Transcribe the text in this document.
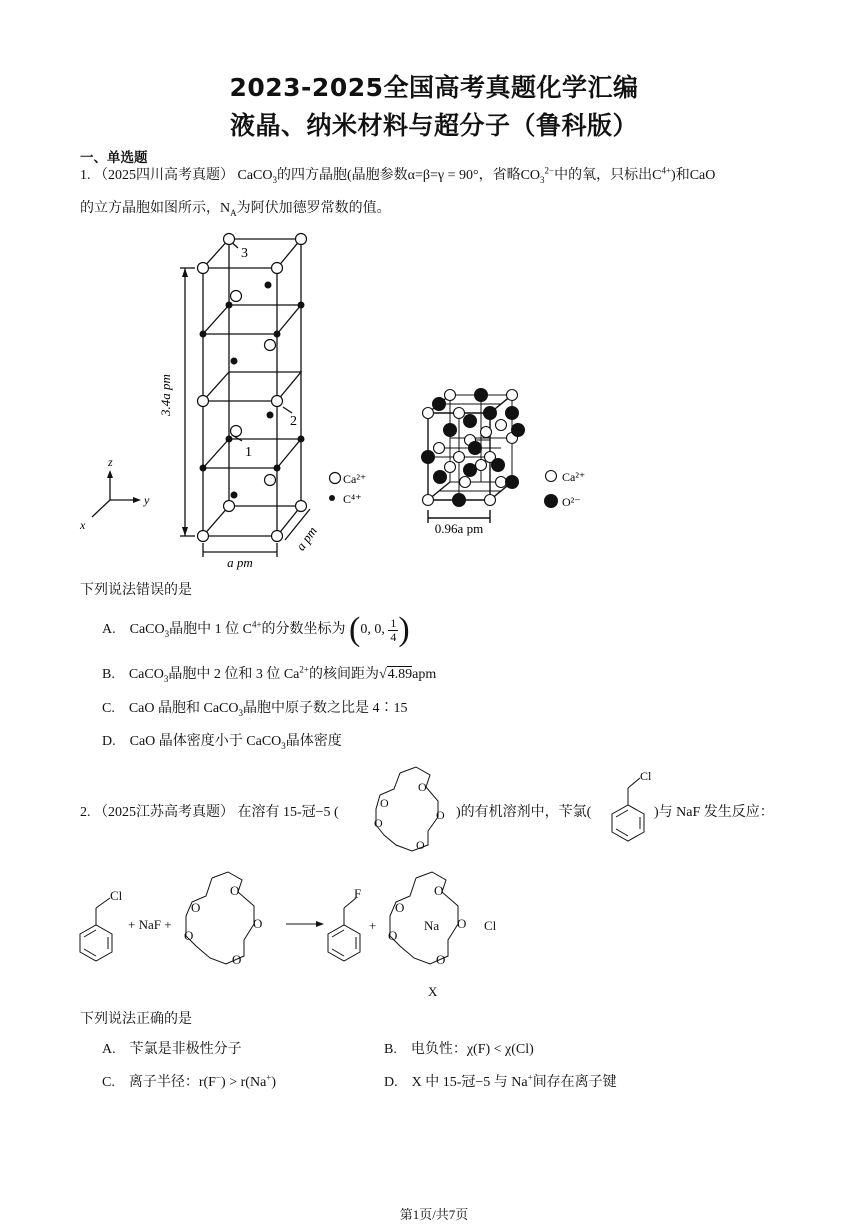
2023-2025全国高考真题化学汇编
液晶、纳米材料与超分子（鲁科版）
一、单选题
1. （2025四川高考真题） CaCO$_3$的四方晶胞(晶胞参数α=β=γ = 90°，省略$CO_3^{2-}$中的氧，只标出$C^{4+}$)和CaO
的立方晶胞如图所示，$N_A$为阿伏加德罗常数的值。
3.4a pm
a pm
a pm
3
1
2
z
y
x
Ca²⁺
C⁴⁺
0.96a pm
Ca²⁺
O²⁻
下列说法错误的是
A.　CaCO$_3$晶胞中 1 位 $C^{4+}$的分数坐标为 (0, 0, $\frac{1}{4}$ )
B.　CaCO$_3$晶胞中 2 位和 3 位 $Ca^{2+}$的核间距为√4.89apm
C.　CaO 晶胞和 CaCO$_3$晶胞中原子数之比是 4∶15
D.　CaO 晶体密度小于 CaCO$_3$晶体密度
2. （2025江苏高考真题） 在溶有 15-冠−5 (
O
O
O
O
O
)的有机溶剂中，苄氯(
Cl
)与 NaF 发生反应：
Cl
+ NaF +
O
O
O
O
O
F
+
O
O
O
O
O
Na	Cl
X
下列说法正确的是
A.　苄氯是非极性分子	B.　电负性：χ(F) < χ(Cl)
C.　离子半径：r(F−) > r(Na+)	D.　X 中 15-冠−5 与 Na+间存在离子键
第1页/共7页
